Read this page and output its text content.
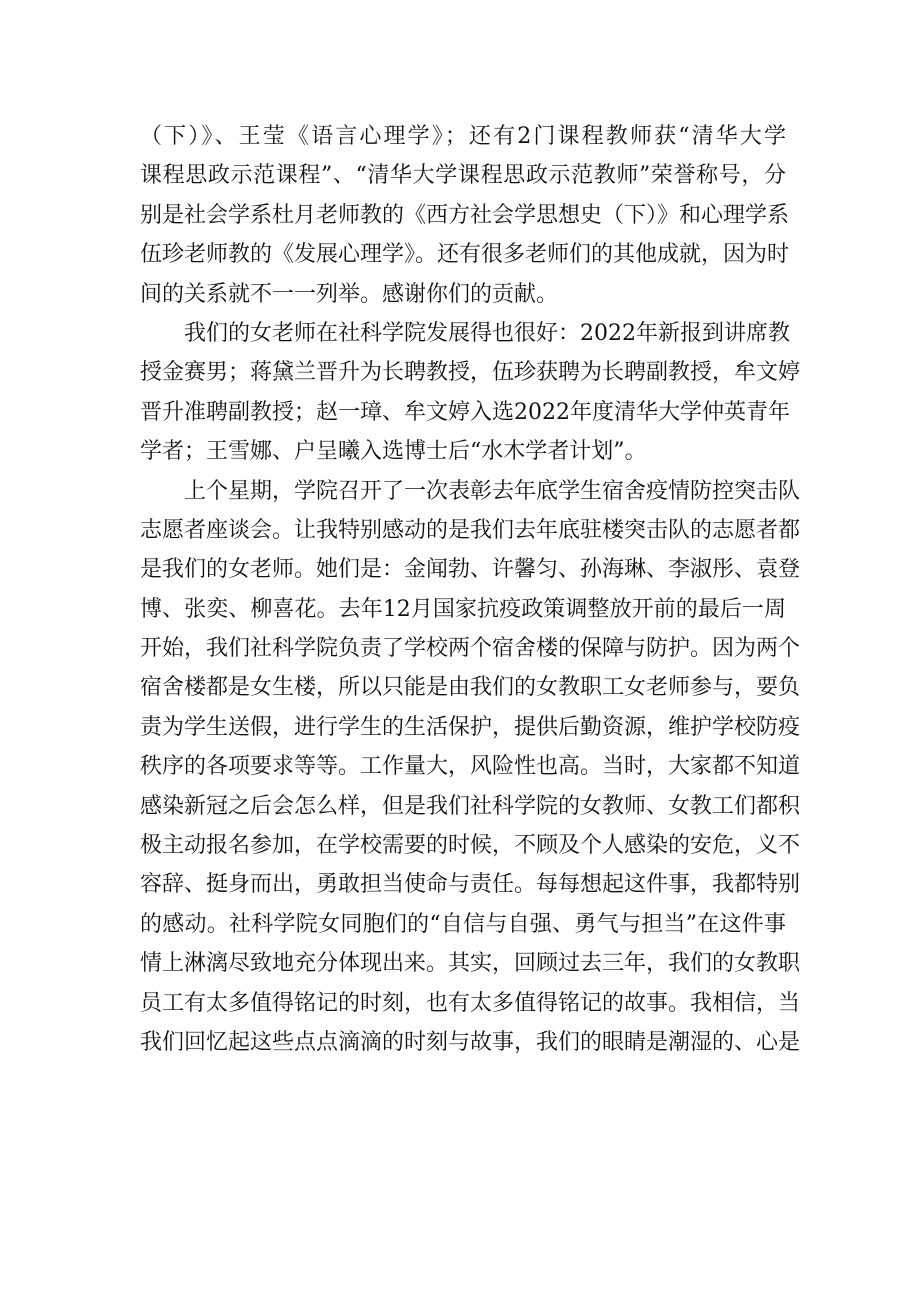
（下）》、王莹《语言心理学》；还有2门课程教师获“清华大学
课程思政示范课程”、“清华大学课程思政示范教师”荣誉称号，分
别是社会学系杜月老师教的《西方社会学思想史（下）》和心理学系
伍珍老师教的《发展心理学》。还有很多老师们的其他成就，因为时
间的关系就不一一列举。感谢你们的贡献。
我们的女老师在社科学院发展得也很好：2022年新报到讲席教
授金赛男；蒋黛兰晋升为长聘教授，伍珍获聘为长聘副教授，牟文婷
晋升准聘副教授；赵一璋、牟文婷入选2022年度清华大学仲英青年
学者；王雪娜、户呈曦入选博士后“水木学者计划”。
上个星期，学院召开了一次表彰去年底学生宿舍疫情防控突击队
志愿者座谈会。让我特别感动的是我们去年底驻楼突击队的志愿者都
是我们的女老师。她们是：金闻勃、许馨匀、孙海琳、李淑彤、袁登
博、张奕、柳喜花。去年12月国家抗疫政策调整放开前的最后一周
开始，我们社科学院负责了学校两个宿舍楼的保障与防护。因为两个
宿舍楼都是女生楼，所以只能是由我们的女教职工女老师参与，要负
责为学生送假，进行学生的生活保护，提供后勤资源，维护学校防疫
秩序的各项要求等等。工作量大，风险性也高。当时，大家都不知道
感染新冠之后会怎么样，但是我们社科学院的女教师、女教工们都积
极主动报名参加，在学校需要的时候，不顾及个人感染的安危，义不
容辞、挺身而出，勇敢担当使命与责任。每每想起这件事，我都特别
的感动。社科学院女同胞们的“自信与自强、勇气与担当”在这件事
情上淋漓尽致地充分体现出来。其实，回顾过去三年，我们的女教职
员工有太多值得铭记的时刻，也有太多值得铭记的故事。我相信，当
我们回忆起这些点点滴滴的时刻与故事，我们的眼睛是潮湿的、心是
